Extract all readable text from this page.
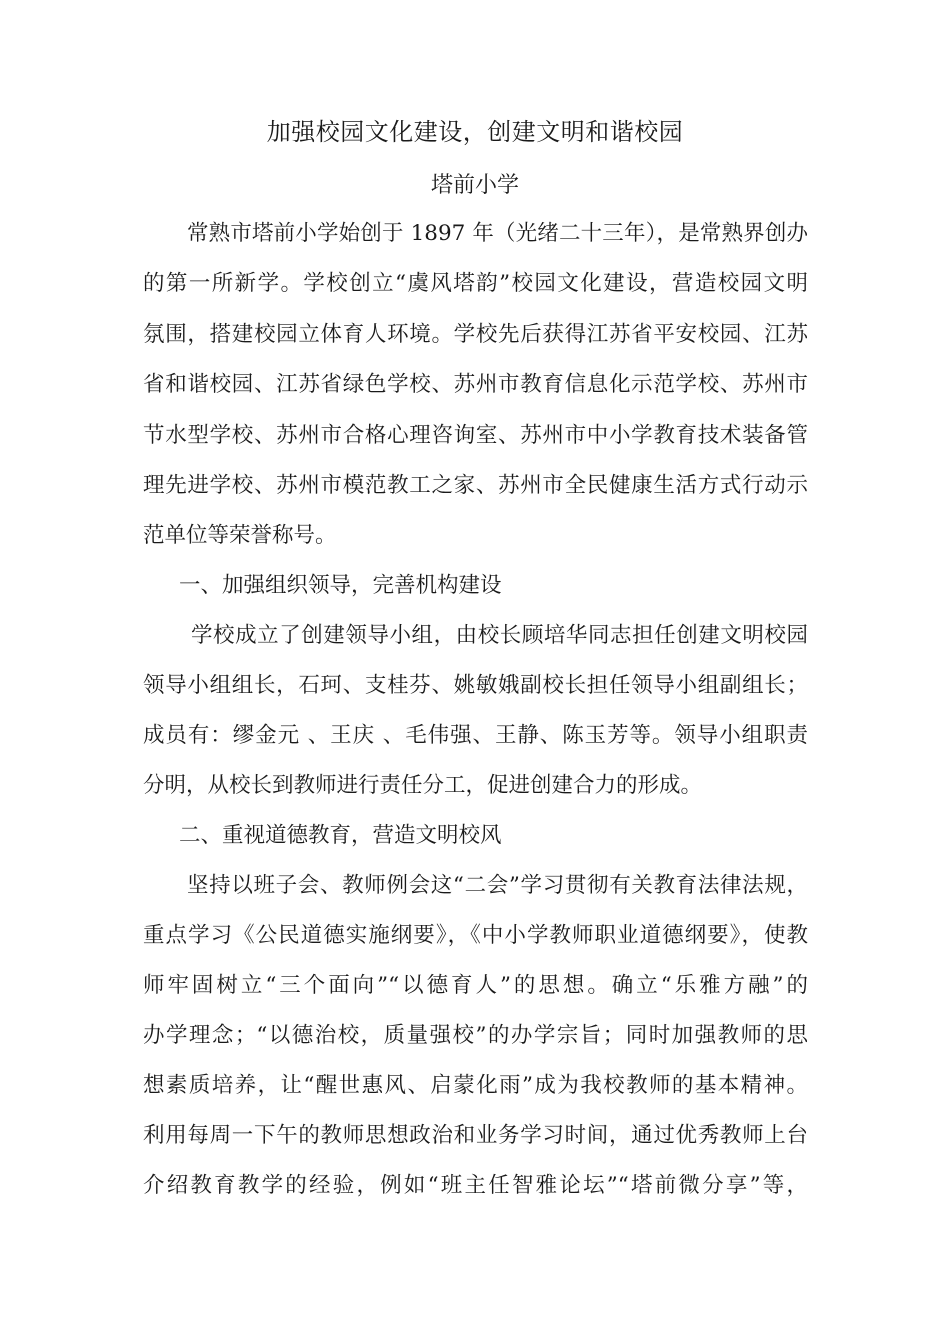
加强校园文化建设，创建文明和谐校园
塔前小学
常熟市塔前小学始创于 1897 年（光绪二十三年），是常熟界创办
的第一所新学。学校创立“虞风塔韵”校园文化建设，营造校园文明
氛围，搭建校园立体育人环境。学校先后获得江苏省平安校园、江苏
省和谐校园、江苏省绿色学校、苏州市教育信息化示范学校、苏州市
节水型学校、苏州市合格心理咨询室、苏州市中小学教育技术装备管
理先进学校、苏州市模范教工之家、苏州市全民健康生活方式行动示
范单位等荣誉称号。
一、加强组织领导，完善机构建设
学校成立了创建领导小组，由校长顾培华同志担任创建文明校园
领导小组组长，石珂、支桂芬、姚敏娥副校长担任领导小组副组长；
成员有：缪金元 、王庆 、毛伟强、王静、陈玉芳等。领导小组职责
分明，从校长到教师进行责任分工，促进创建合力的形成。
二、重视道德教育，营造文明校风
坚持以班子会、教师例会这“二会”学习贯彻有关教育法律法规，
重点学习《公民道德实施纲要》，《中小学教师职业道德纲要》，使教
师牢固树立“三个面向”“以德育人”的思想。确立“乐雅方融”的
办学理念；“以德治校，质量强校”的办学宗旨；同时加强教师的思
想素质培养，让“醒世惠风、启蒙化雨”成为我校教师的基本精神。
利用每周一下午的教师思想政治和业务学习时间，通过优秀教师上台
介绍教育教学的经验，例如“班主任智雅论坛”“塔前微分享”等，
